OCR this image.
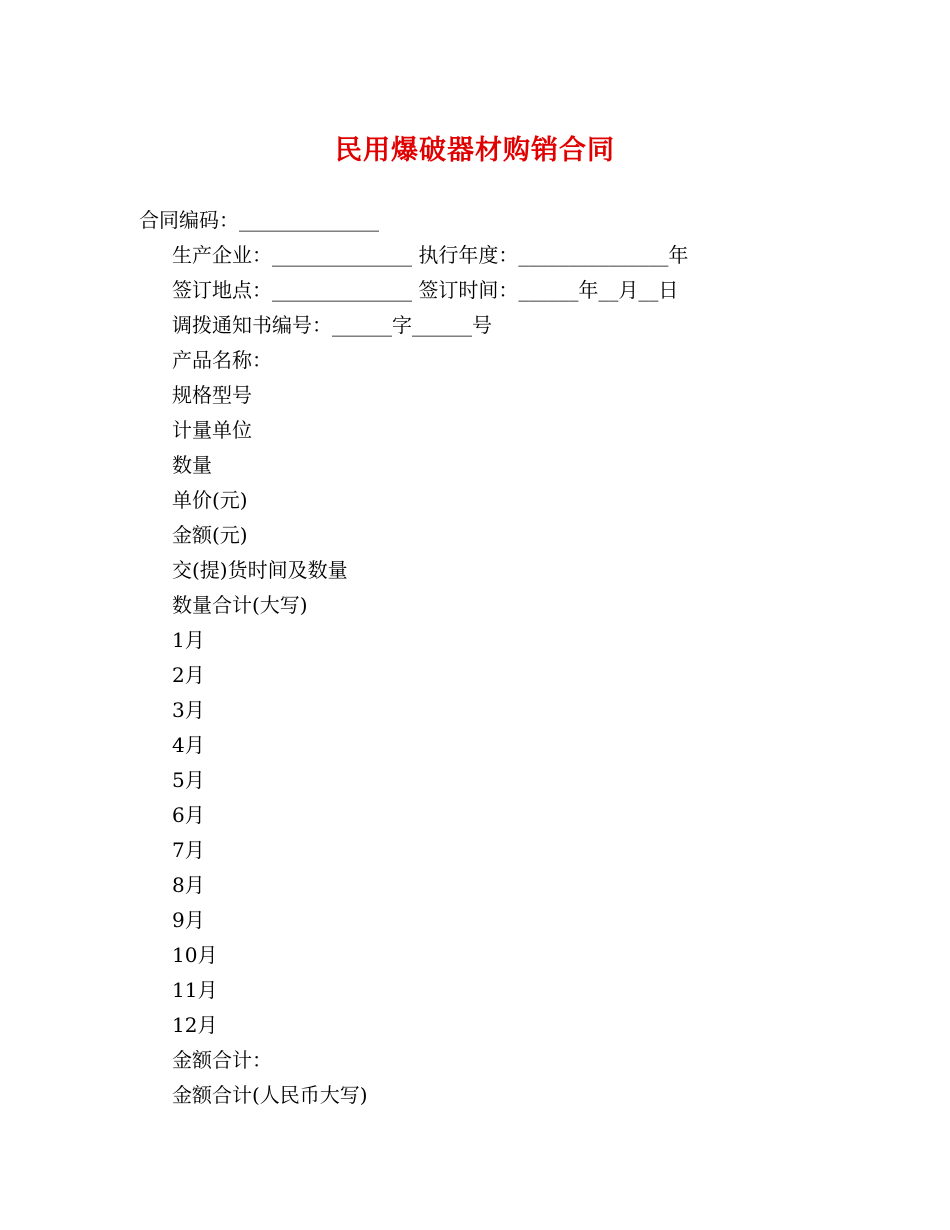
民用爆破器材购销合同
合同编码：______________
生产企业：______________ 执行年度：_______________年
签订地点：______________ 签订时间：______年__月__日
调拨通知书编号：______字______号
产品名称：
规格型号
计量单位
数量
单价(元)
金额(元)
交(提)货时间及数量
数量合计(大写)
1月
2月
3月
4月
5月
6月
7月
8月
9月
10月
11月
12月
金额合计：
金额合计(人民币大写)
